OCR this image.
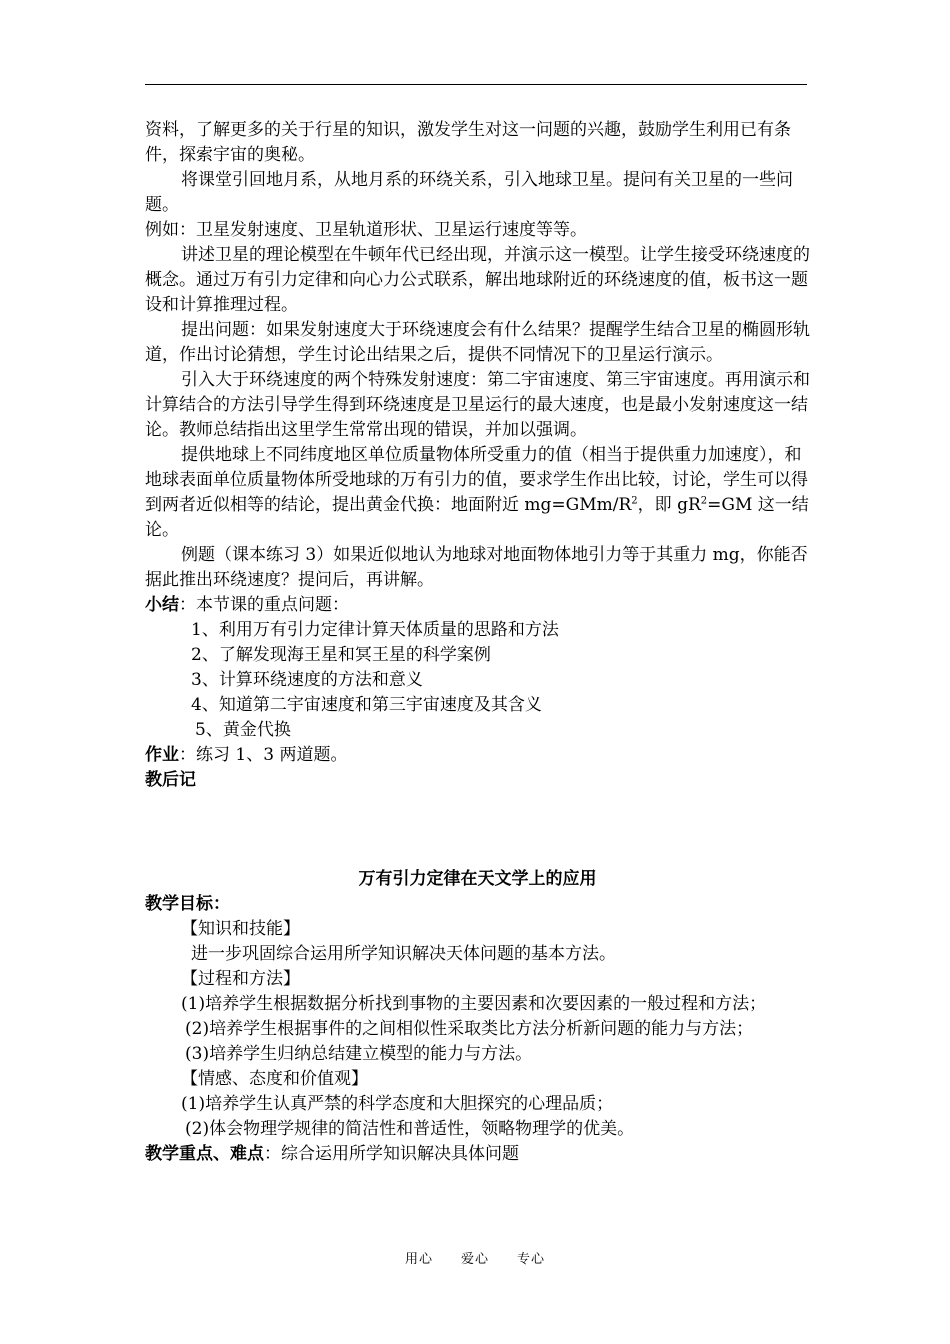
资料，了解更多的关于行星的知识，激发学生对这一问题的兴趣，鼓励学生利用已有条件，探索宇宙的奥秘。

将课堂引回地月系，从地月系的环绕关系，引入地球卫星。提问有关卫星的一些问题。

例如：卫星发射速度、卫星轨道形状、卫星运行速度等等。

讲述卫星的理论模型在牛顿年代已经出现，并演示这一模型。让学生接受环绕速度的概念。通过万有引力定律和向心力公式联系，解出地球附近的环绕速度的值，板书这一题设和计算推理过程。

提出问题：如果发射速度大于环绕速度会有什么结果？提醒学生结合卫星的椭圆形轨道，作出讨论猜想，学生讨论出结果之后，提供不同情况下的卫星运行演示。

引入大于环绕速度的两个特殊发射速度：第二宇宙速度、第三宇宙速度。再用演示和计算结合的方法引导学生得到环绕速度是卫星运行的最大速度，也是最小发射速度这一结论。教师总结指出这里学生常常出现的错误，并加以强调。

提供地球上不同纬度地区单位质量物体所受重力的值（相当于提供重力加速度），和地球表面单位质量物体所受地球的万有引力的值，要求学生作出比较，讨论，学生可以得到两者近似相等的结论，提出黄金代换：地面附近 $mg=GMm/R^2$，即 $gR^2=GM$ 这一结论。

例题（课本练习 3）如果近似地认为地球对地面物体地引力等于其重力 mg，你能否据此推出环绕速度？提问后，再讲解。

小结：本节课的重点问题：

1、利用万有引力定律计算天体质量的思路和方法

2、了解发现海王星和冥王星的科学案例

3、计算环绕速度的方法和意义

4、知道第二宇宙速度和第三宇宙速度及其含义

5、黄金代换

作业：练习 1、3 两道题。

教后记

万有引力定律在天文学上的应用

教学目标：

【知识和技能】

进一步巩固综合运用所学知识解决天体问题的基本方法。

【过程和方法】

(1)培养学生根据数据分析找到事物的主要因素和次要因素的一般过程和方法；

(2)培养学生根据事件的之间相似性采取类比方法分析新问题的能力与方法；

(3)培养学生归纳总结建立模型的能力与方法。

【情感、态度和价值观】

(1)培养学生认真严禁的科学态度和大胆探究的心理品质；

(2)体会物理学规律的简洁性和普适性，领略物理学的优美。

教学重点、难点：综合运用所学知识解决具体问题

用心　　爱心　　专心
